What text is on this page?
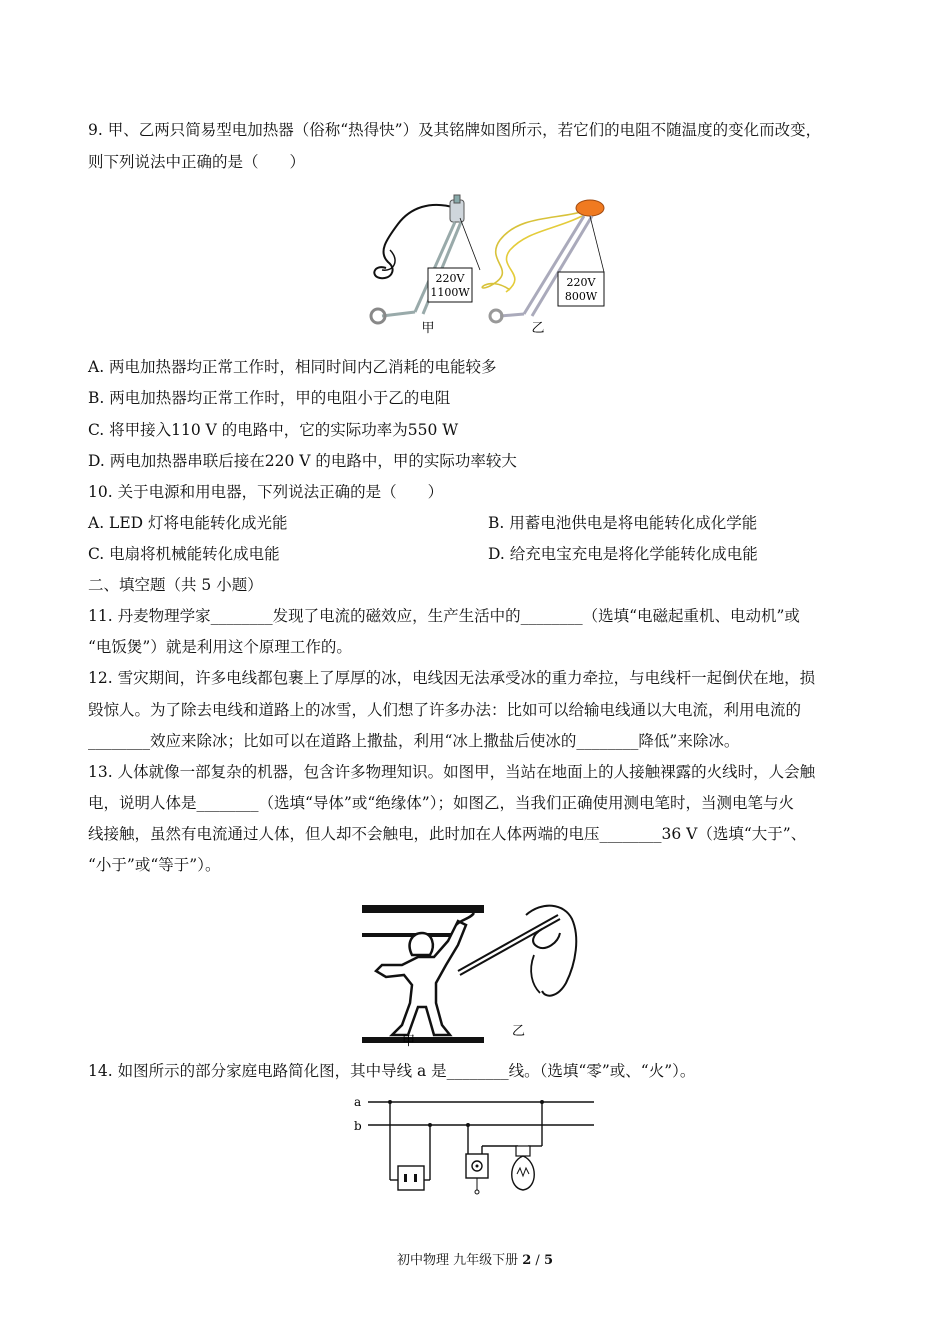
9. 甲、乙两只简易型电加热器（俗称“热得快”）及其铭牌如图所示，若它们的电阻不随温度的变化而改变，
则下列说法中正确的是（　　）
220V
1100W
甲
220V
800W
乙
A. 两电加热器均正常工作时，相同时间内乙消耗的电能较多
B. 两电加热器均正常工作时，甲的电阻小于乙的电阻
C. 将甲接入110 V 的电路中，它的实际功率为550 W
D. 两电加热器串联后接在220 V 的电路中，甲的实际功率较大
10. 关于电源和用电器，下列说法正确的是（　　）
A. LED 灯将电能转化成光能	B. 用蓄电池供电是将电能转化成化学能
C. 电扇将机械能转化成电能	D. 给充电宝充电是将化学能转化成电能
二、填空题（共 5 小题）
11. 丹麦物理学家________发现了电流的磁效应，生产生活中的________（选填“电磁起重机、电动机”或
“电饭煲”）就是利用这个原理工作的。
12. 雪灾期间，许多电线都包裹上了厚厚的冰，电线因无法承受冰的重力牵拉，与电线杆一起倒伏在地，损
毁惊人。为了除去电线和道路上的冰雪，人们想了许多办法：比如可以给输电线通以大电流，利用电流的
________效应来除冰；比如可以在道路上撒盐，利用“冰上撒盐后使冰的________降低”来除冰。
13. 人体就像一部复杂的机器，包含许多物理知识。如图甲，当站在地面上的人接触裸露的火线时，人会触
电，说明人体是________（选填“导体”或“绝缘体”）；如图乙，当我们正确使用测电笔时，当测电笔与火
线接触，虽然有电流通过人体，但人却不会触电，此时加在人体两端的电压________36 V（选填“大于”、
“小于”或“等于”）。
甲
乙
14. 如图所示的部分家庭电路简化图，其中导线 a 是________线。（选填“零”或、“火”）。
a
b
初中物理 九年级下册 2 / 5
